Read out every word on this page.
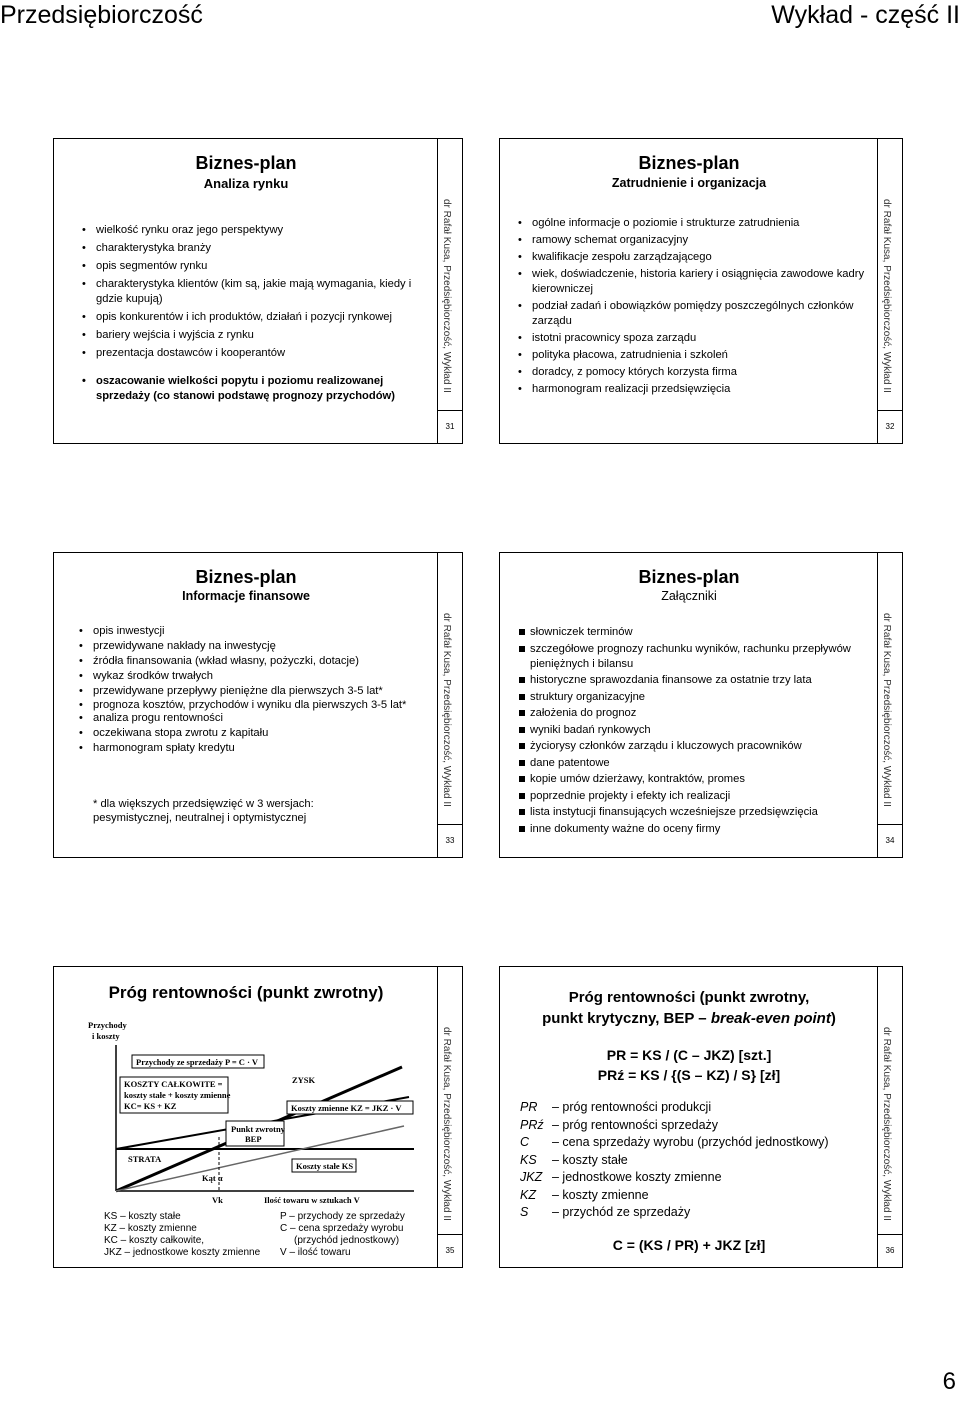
Przedsiębiorczość	Wykład - część II
Biznes-plan
Analiza rynku
• wielkość rynku oraz jego perspektywy
• charakterystyka branży
• opis segmentów rynku
• charakterystyka klientów (kim są, jakie mają wymagania, kiedy i gdzie kupują)
• opis konkurentów i ich produktów, działań i pozycji rynkowej
• bariery wejścia i wyjścia z rynku
• prezentacja dostawców i kooperantów
• oszacowanie wielkości popytu i poziomu realizowanej sprzedaży (co stanowi podstawę prognozy przychodów)
dr Rafał Kusa, Przedsiębiorczość, Wykład II
31
Biznes-plan
Zatrudnienie i organizacja
• ogólne informacje o poziomie i strukturze zatrudnienia
• ramowy schemat organizacyjny
• kwalifikacje zespołu zarządzającego
• wiek, doświadczenie, historia kariery i osiągnięcia zawodowe kadry kierowniczej
• podział zadań i obowiązków pomiędzy poszczególnych członków zarządu
• istotni pracownicy spoza zarządu
• polityka płacowa, zatrudnienia i szkoleń
• doradcy, z pomocy których korzysta firma
• harmonogram realizacji przedsięwzięcia	dr Rafał Kusa, Przedsiębiorczość, Wykład II
32
Biznes-plan
Informacje finansowe
• opis inwestycji
• przewidywane nakłady na inwestycję
• źródła finansowania (wkład własny, pożyczki, dotacje)
• wykaz środków trwałych
• przewidywane przepływy pieniężne dla pierwszych 3-5 lat*
• prognoza kosztów, przychodów i wyniku dla pierwszych 3-5 lat*
• analiza progu rentowności
• oczekiwana stopa zwrotu z kapitału
• harmonogram spłaty kredytu
* dla większych przedsięwzięć w 3 wersjach:
pesymistycznej, neutralnej i optymistycznej
dr Rafał Kusa, Przedsiębiorczość, Wykład II
33
Biznes-plan
Załączniki
słowniczek terminów
szczegółowe prognozy rachunku wyników, rachunku przepływów pieniężnych i bilansu
historyczne sprawozdania finansowe za ostatnie trzy lata
struktury organizacyjne
założenia do prognoz
wyniki badań rynkowych
życiorysy członków zarządu i kluczowych pracowników
dane patentowe
kopie umów dzierżawy, kontraktów, promes
poprzednie projekty i efekty ich realizacji
lista instytucji finansujących wcześniejsze przedsięwzięcia
inne dokumenty ważne do oceny firmy
dr Rafał Kusa, Przedsiębiorczość, Wykład II
34
Próg rentowności (punkt zwrotny)
Przychody
i koszty
Przychody ze sprzedaży P = C · V
KOSZTY CAŁKOWITE =
koszty stałe + koszty zmienne
KC= KS + KZ
ZYSK
Koszty zmienne KZ = JKZ · V
Punkt zwrotny
BEP
STRATA
Kąt α
Koszty stałe KS
Vk	Ilość towaru w sztukach V
KS – koszty stałe
KZ – koszty zmienne
KC – koszty całkowite,
JKZ – jednostkowe koszty zmienne
P – przychody ze sprzedaży
C – cena sprzedaży wyrobu
(przychód jednostkowy)
V – ilość towaru
dr Rafał Kusa, Przedsiębiorczość, Wykład II
35
Próg rentowności (punkt zwrotny,
punkt krytyczny, BEP – break-even point)
PR = KS / (C – JKZ) [szt.]
PRź = KS / {(S – KZ) / S} [zł]
PR – próg rentowności produkcji
PRź – próg rentowności sprzedaży
C – cena sprzedaży wyrobu (przychód jednostkowy)
KS – koszty stałe
JKZ – jednostkowe koszty zmienne
KZ – koszty zmienne
S – przychód ze sprzedaży
C = (KS / PR) + JKZ [zł]
dr Rafał Kusa, Przedsiębiorczość, Wykład II
36
6
